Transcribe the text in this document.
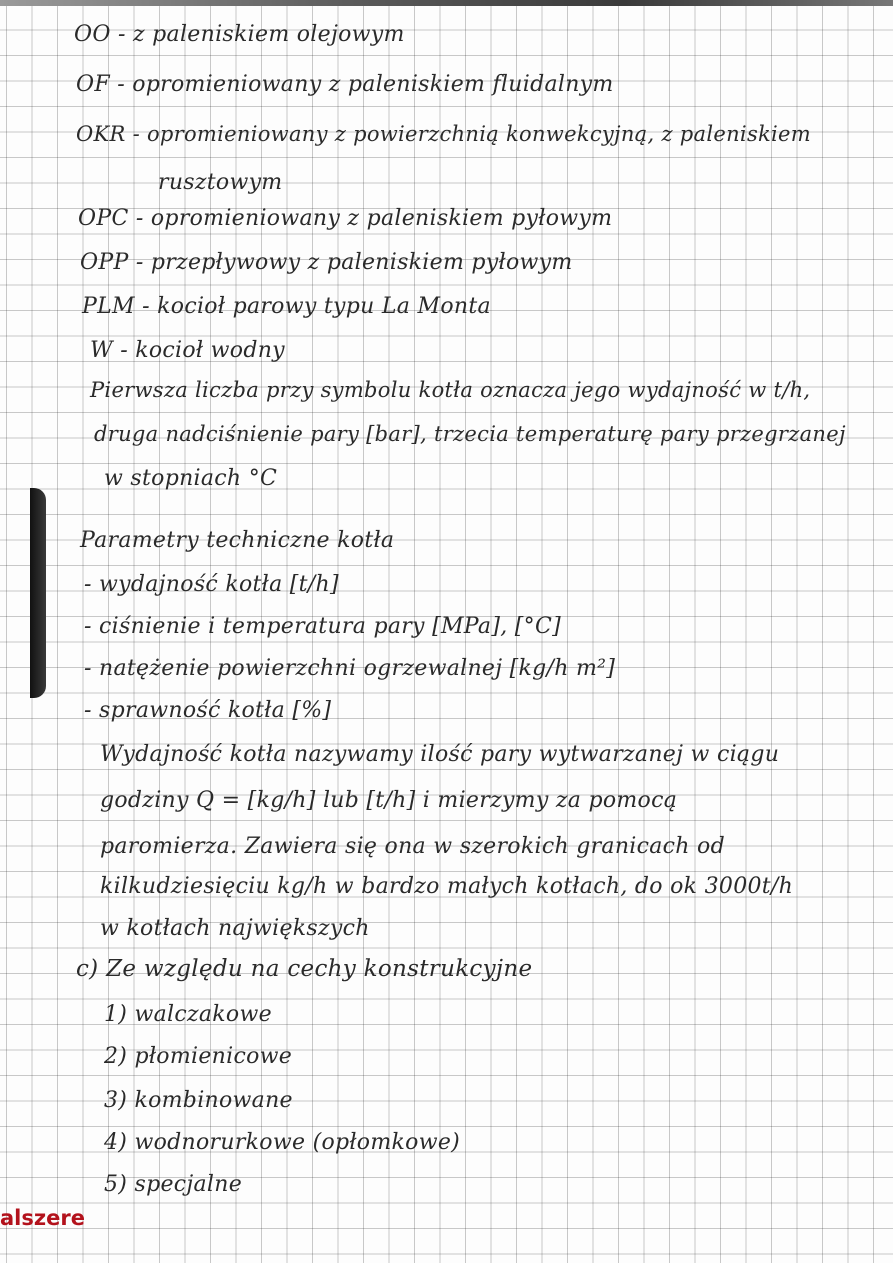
OO - z paleniskiem olejowym
OF - opromieniowany z paleniskiem fluidalnym
OKR - opromieniowany z powierzchnią konwekcyjną, z paleniskiem
rusztowym
OPC - opromieniowany z paleniskiem pyłowym
OPP - przepływowy z paleniskiem pyłowym
PLM - kocioł parowy typu La Monta
W - kocioł wodny
Pierwsza liczba przy symbolu kotła oznacza jego wydajność w t/h,
druga nadciśnienie pary [bar], trzecia temperaturę pary przegrzanej
w stopniach °C
Parametry techniczne kotła
- wydajność kotła [t/h]
- ciśnienie i temperatura pary [MPa], [°C]
- natężenie powierzchni ogrzewalnej [kg/h m²]
- sprawność kotła [%]
Wydajność kotła nazywamy ilość pary wytwarzanej w ciągu
godziny Q = [kg/h] lub [t/h] i mierzymy za pomocą
paromierza. Zawiera się ona w szerokich granicach od
kilkudziesięciu kg/h w bardzo małych kotłach, do ok 3000t/h
w kotłach największych
c) Ze względu na cechy konstrukcyjne
1) walczakowe
2) płomienicowe
3) kombinowane
4) wodnorurkowe (opłomkowe)
5) specjalne
alszere
